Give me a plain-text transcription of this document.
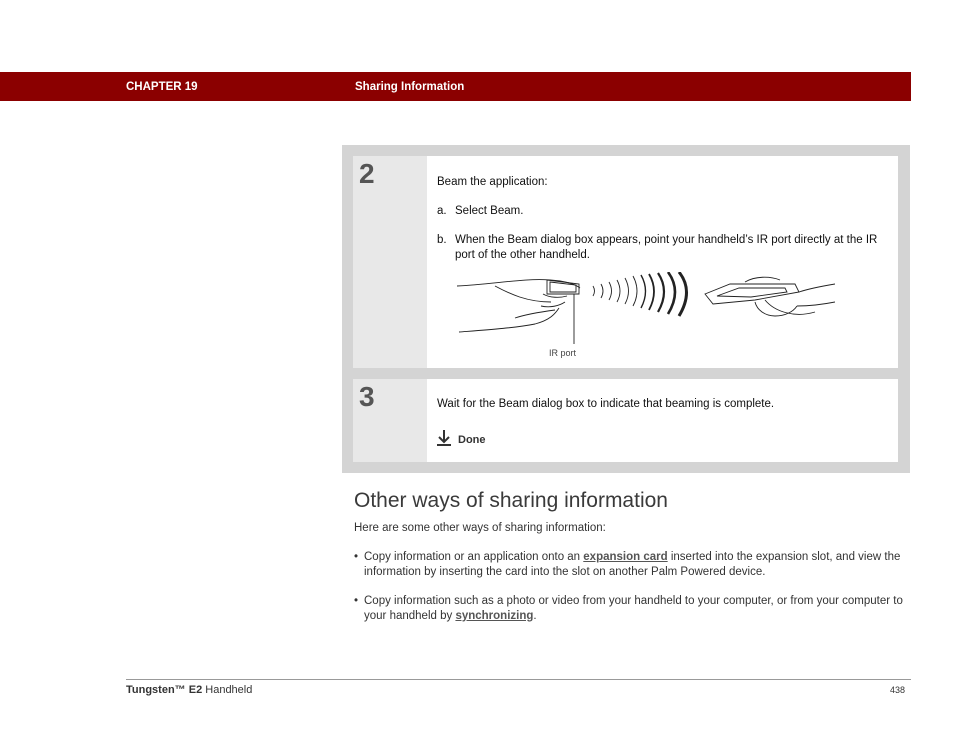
CHAPTER 19	Sharing Information
2	Beam the application:
a. Select Beam.
b. When the Beam dialog box appears, point your handheld’s IR port directly at the IR port of the other handheld.
IR port
3	Wait for the Beam dialog box to indicate that beaming is complete.
Done
Other ways of sharing information
Here are some other ways of sharing information:
• Copy information or an application onto an expansion card inserted into the expansion slot, and view the information by inserting the card into the slot on another Palm Powered device.
• Copy information such as a photo or video from your handheld to your computer, or from your computer to your handheld by synchronizing.
Tungsten™ E2 Handheld	438
